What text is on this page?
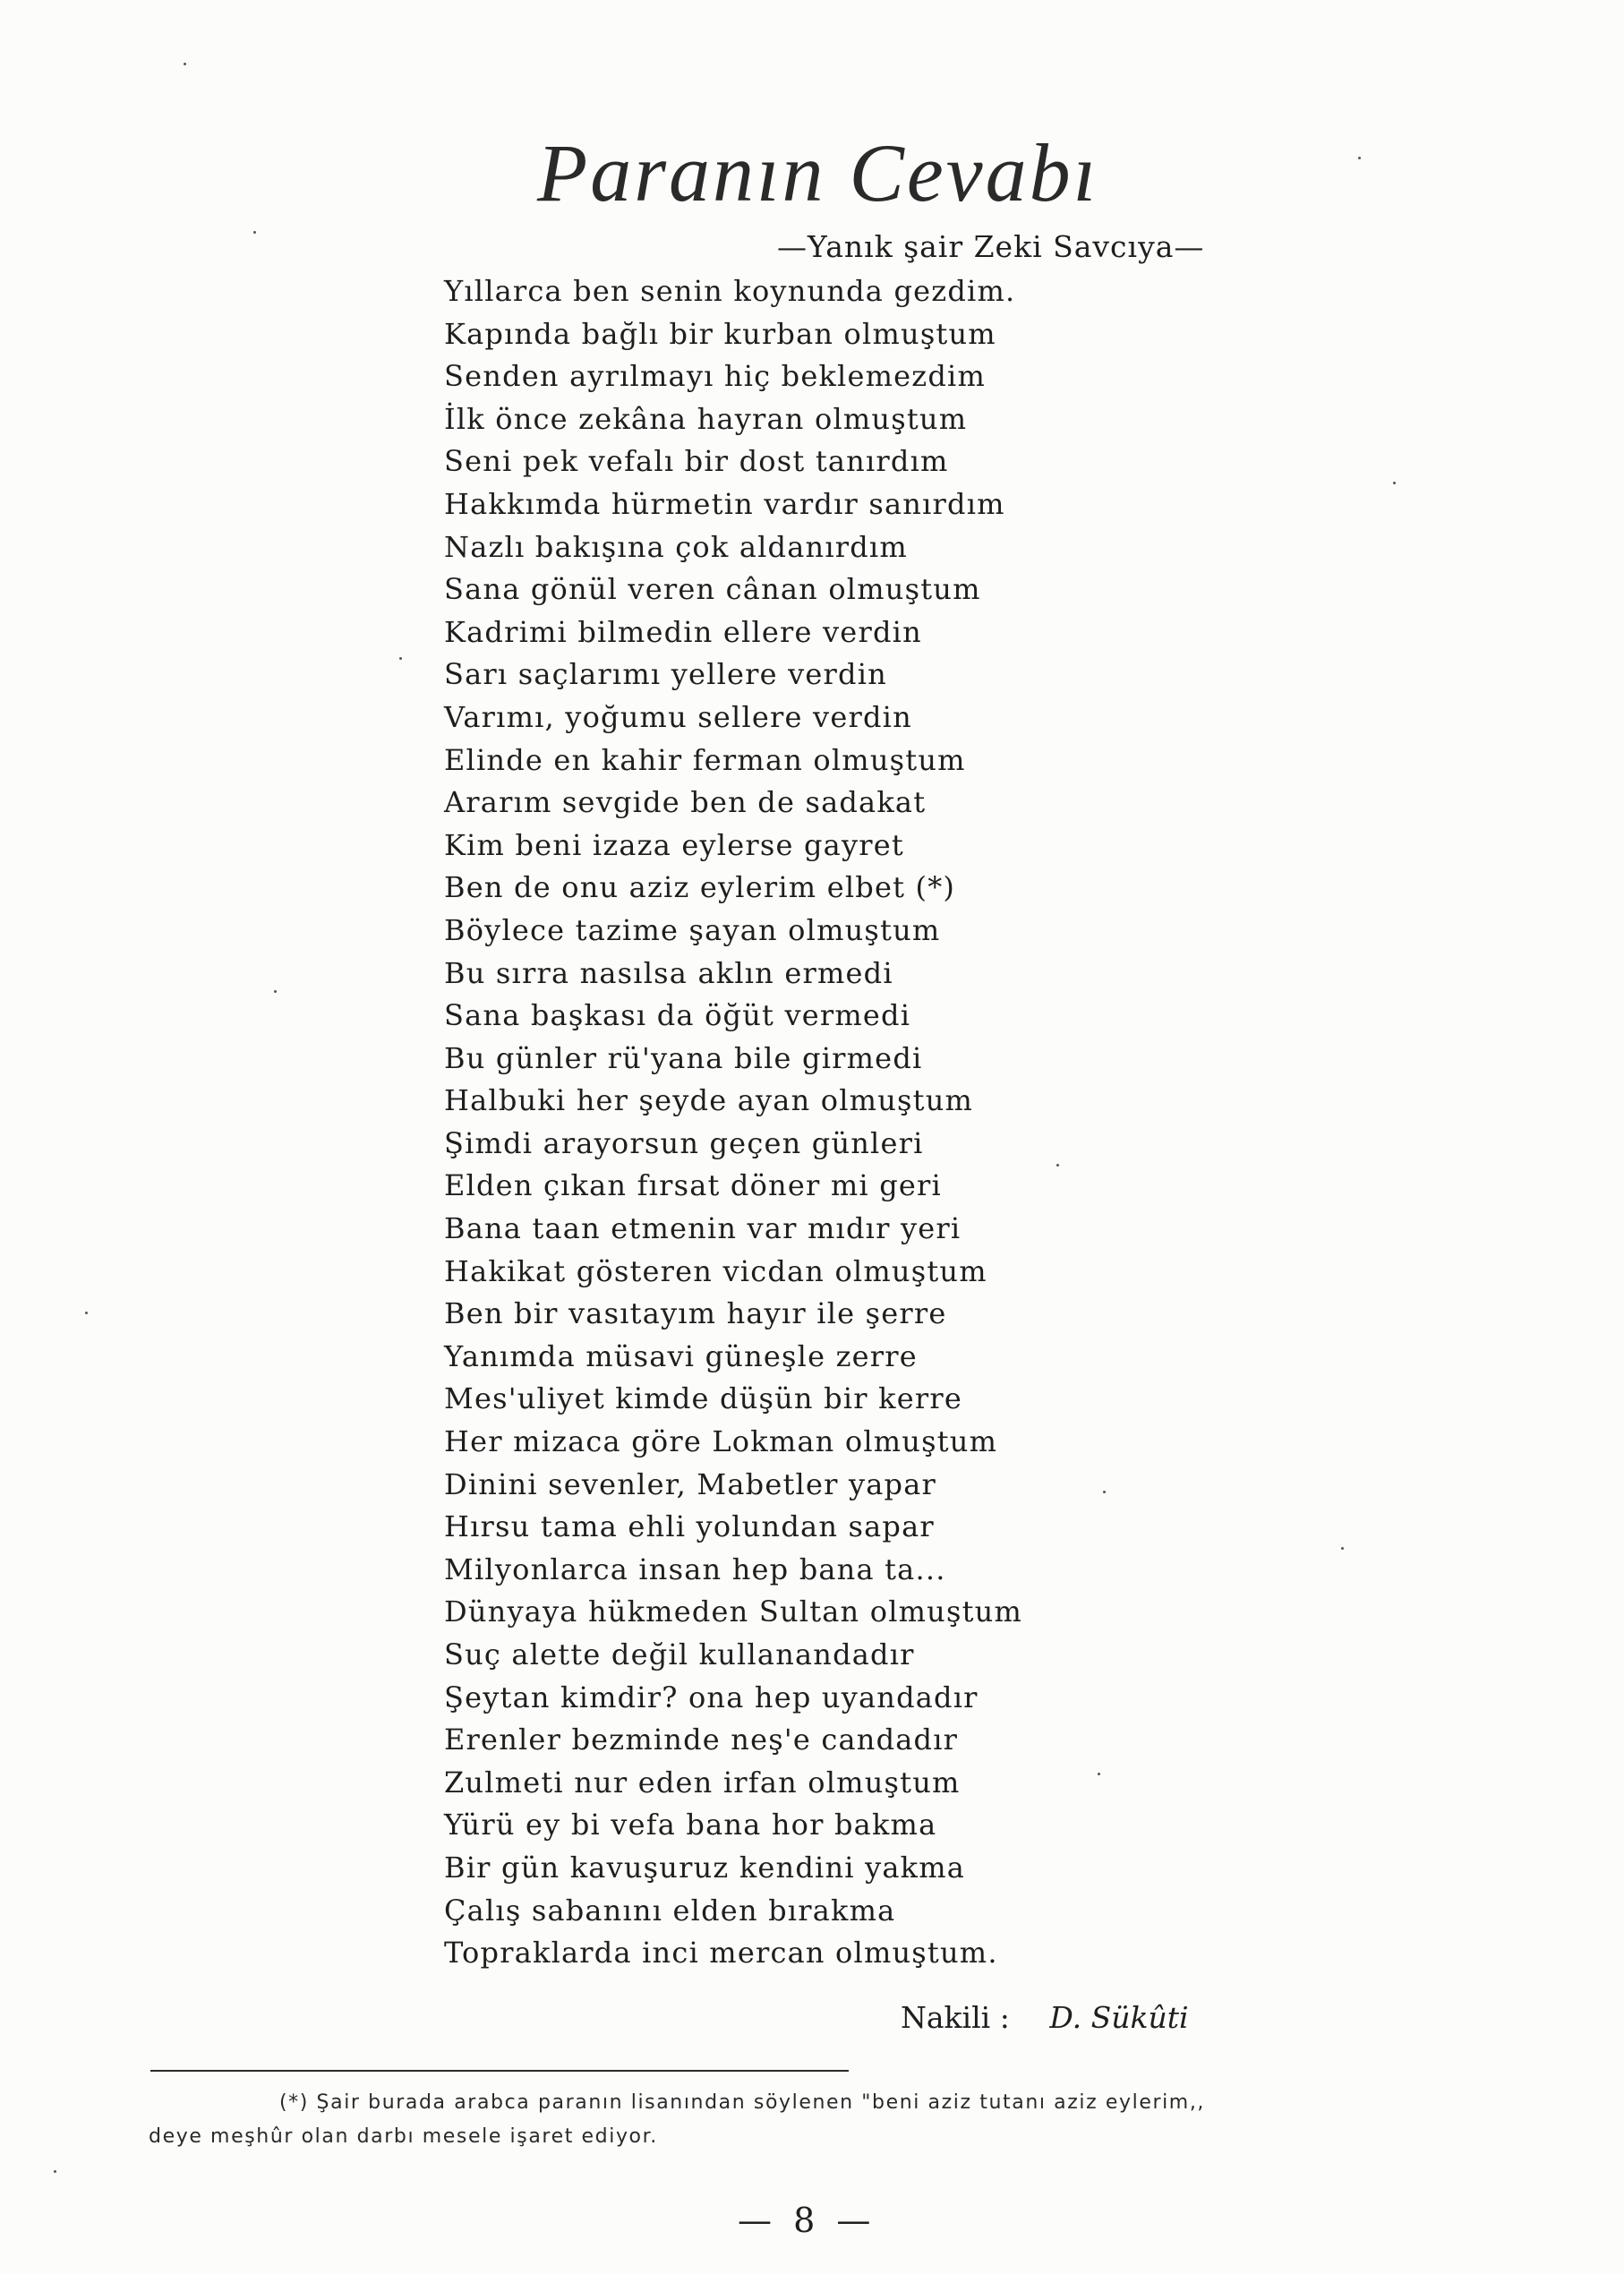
Paranın Cevabı
—Yanık şair Zeki Savcıya—
Yıllarca ben senin koynunda gezdim.
Kapında bağlı bir kurban olmuştum
Senden ayrılmayı hiç beklemezdim
İlk önce zekâna hayran olmuştum
Seni pek vefalı bir dost tanırdım
Hakkımda hürmetin vardır sanırdım
Nazlı bakışına çok aldanırdım
Sana gönül veren cânan olmuştum
Kadrimi bilmedin ellere verdin
Sarı saçlarımı yellere verdin
Varımı, yoğumu sellere verdin
Elinde en kahir ferman olmuştum
Ararım sevgide ben de sadakat
Kim beni izaza eylerse gayret
Ben de onu aziz eylerim elbet (*)
Böylece tazime şayan olmuştum
Bu sırra nasılsa aklın ermedi
Sana başkası da öğüt vermedi
Bu günler rü'yana bile girmedi
Halbuki her şeyde ayan olmuştum
Şimdi arayorsun geçen günleri
Elden çıkan fırsat döner mi geri
Bana taan etmenin var mıdır yeri
Hakikat gösteren vicdan olmuştum
Ben bir vasıtayım hayır ile şerre
Yanımda müsavi güneşle zerre
Mes'uliyet kimde düşün bir kerre
Her mizaca göre Lokman olmuştum
Dinini sevenler, Mabetler yapar
Hırsu tama ehli yolundan sapar
Milyonlarca insan hep bana ta...
Dünyaya hükmeden Sultan olmuştum
Suç alette değil kullanandadır
Şeytan kimdir? ona hep uyandadır
Erenler bezminde neş'e candadır
Zulmeti nur eden irfan olmuştum
Yürü ey bi vefa bana hor bakma
Bir gün kavuşuruz kendini yakma
Çalış sabanını elden bırakma
Topraklarda inci mercan olmuştum.
Nakili : D. Sükûti
(*) Şair burada arabca paranın lisanından söylenen "beni aziz tutanı aziz eylerim,,
deye meşhûr olan darbı mesele işaret ediyor.
— 8 —
